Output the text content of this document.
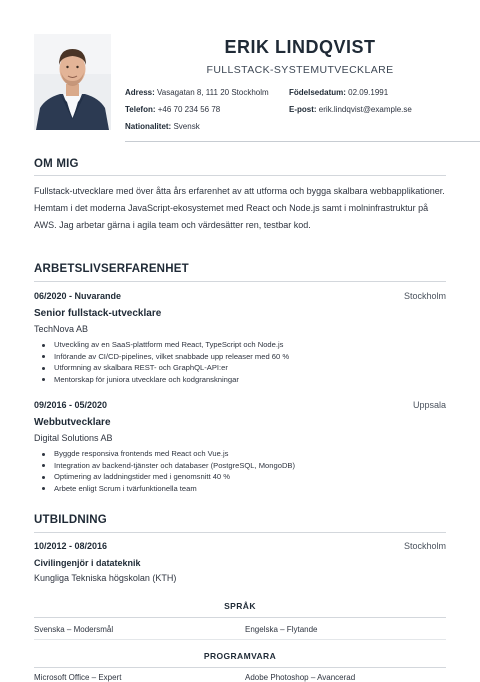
ERIK LINDQVIST
FULLSTACK-SYSTEMUTVECKLARE
Adress: Vasagatan 8, 111 20 Stockholm	Födelsedatum: 02.09.1991
Telefon: +46 70 234 56 78	E-post: erik.lindqvist@example.se
Nationalitet: Svensk
OM MIG
Fullstack-utvecklare med över åtta års erfarenhet av att utforma och bygga skalbara webbapplikationer. Hemtam i det moderna JavaScript-ekosystemet med React och Node.js samt i molninfrastruktur på AWS. Jag arbetar gärna i agila team och värdesätter ren, testbar kod.
ARBETSLIVSERFARENHET
06/2020 - Nuvarande	Stockholm
Senior fullstack-utvecklare
TechNova AB
Utveckling av en SaaS-plattform med React, TypeScript och Node.js
Införande av CI/CD-pipelines, vilket snabbade upp releaser med 60 %
Utformning av skalbara REST- och GraphQL-API:er
Mentorskap för juniora utvecklare och kodgranskningar
09/2016 - 05/2020	Uppsala
Webbutvecklare
Digital Solutions AB
Byggde responsiva frontends med React och Vue.js
Integration av backend-tjänster och databaser (PostgreSQL, MongoDB)
Optimering av laddningstider med i genomsnitt 40 %
Arbete enligt Scrum i tvärfunktionella team
UTBILDNING
10/2012 - 08/2016	Stockholm
Civilingenjör i datateknik
Kungliga Tekniska högskolan (KTH)
SPRÅK
Svenska – Modersmål	Engelska – Flytande
PROGRAMVARA
Microsoft Office – Expert	Adobe Photoshop – Avancerad
